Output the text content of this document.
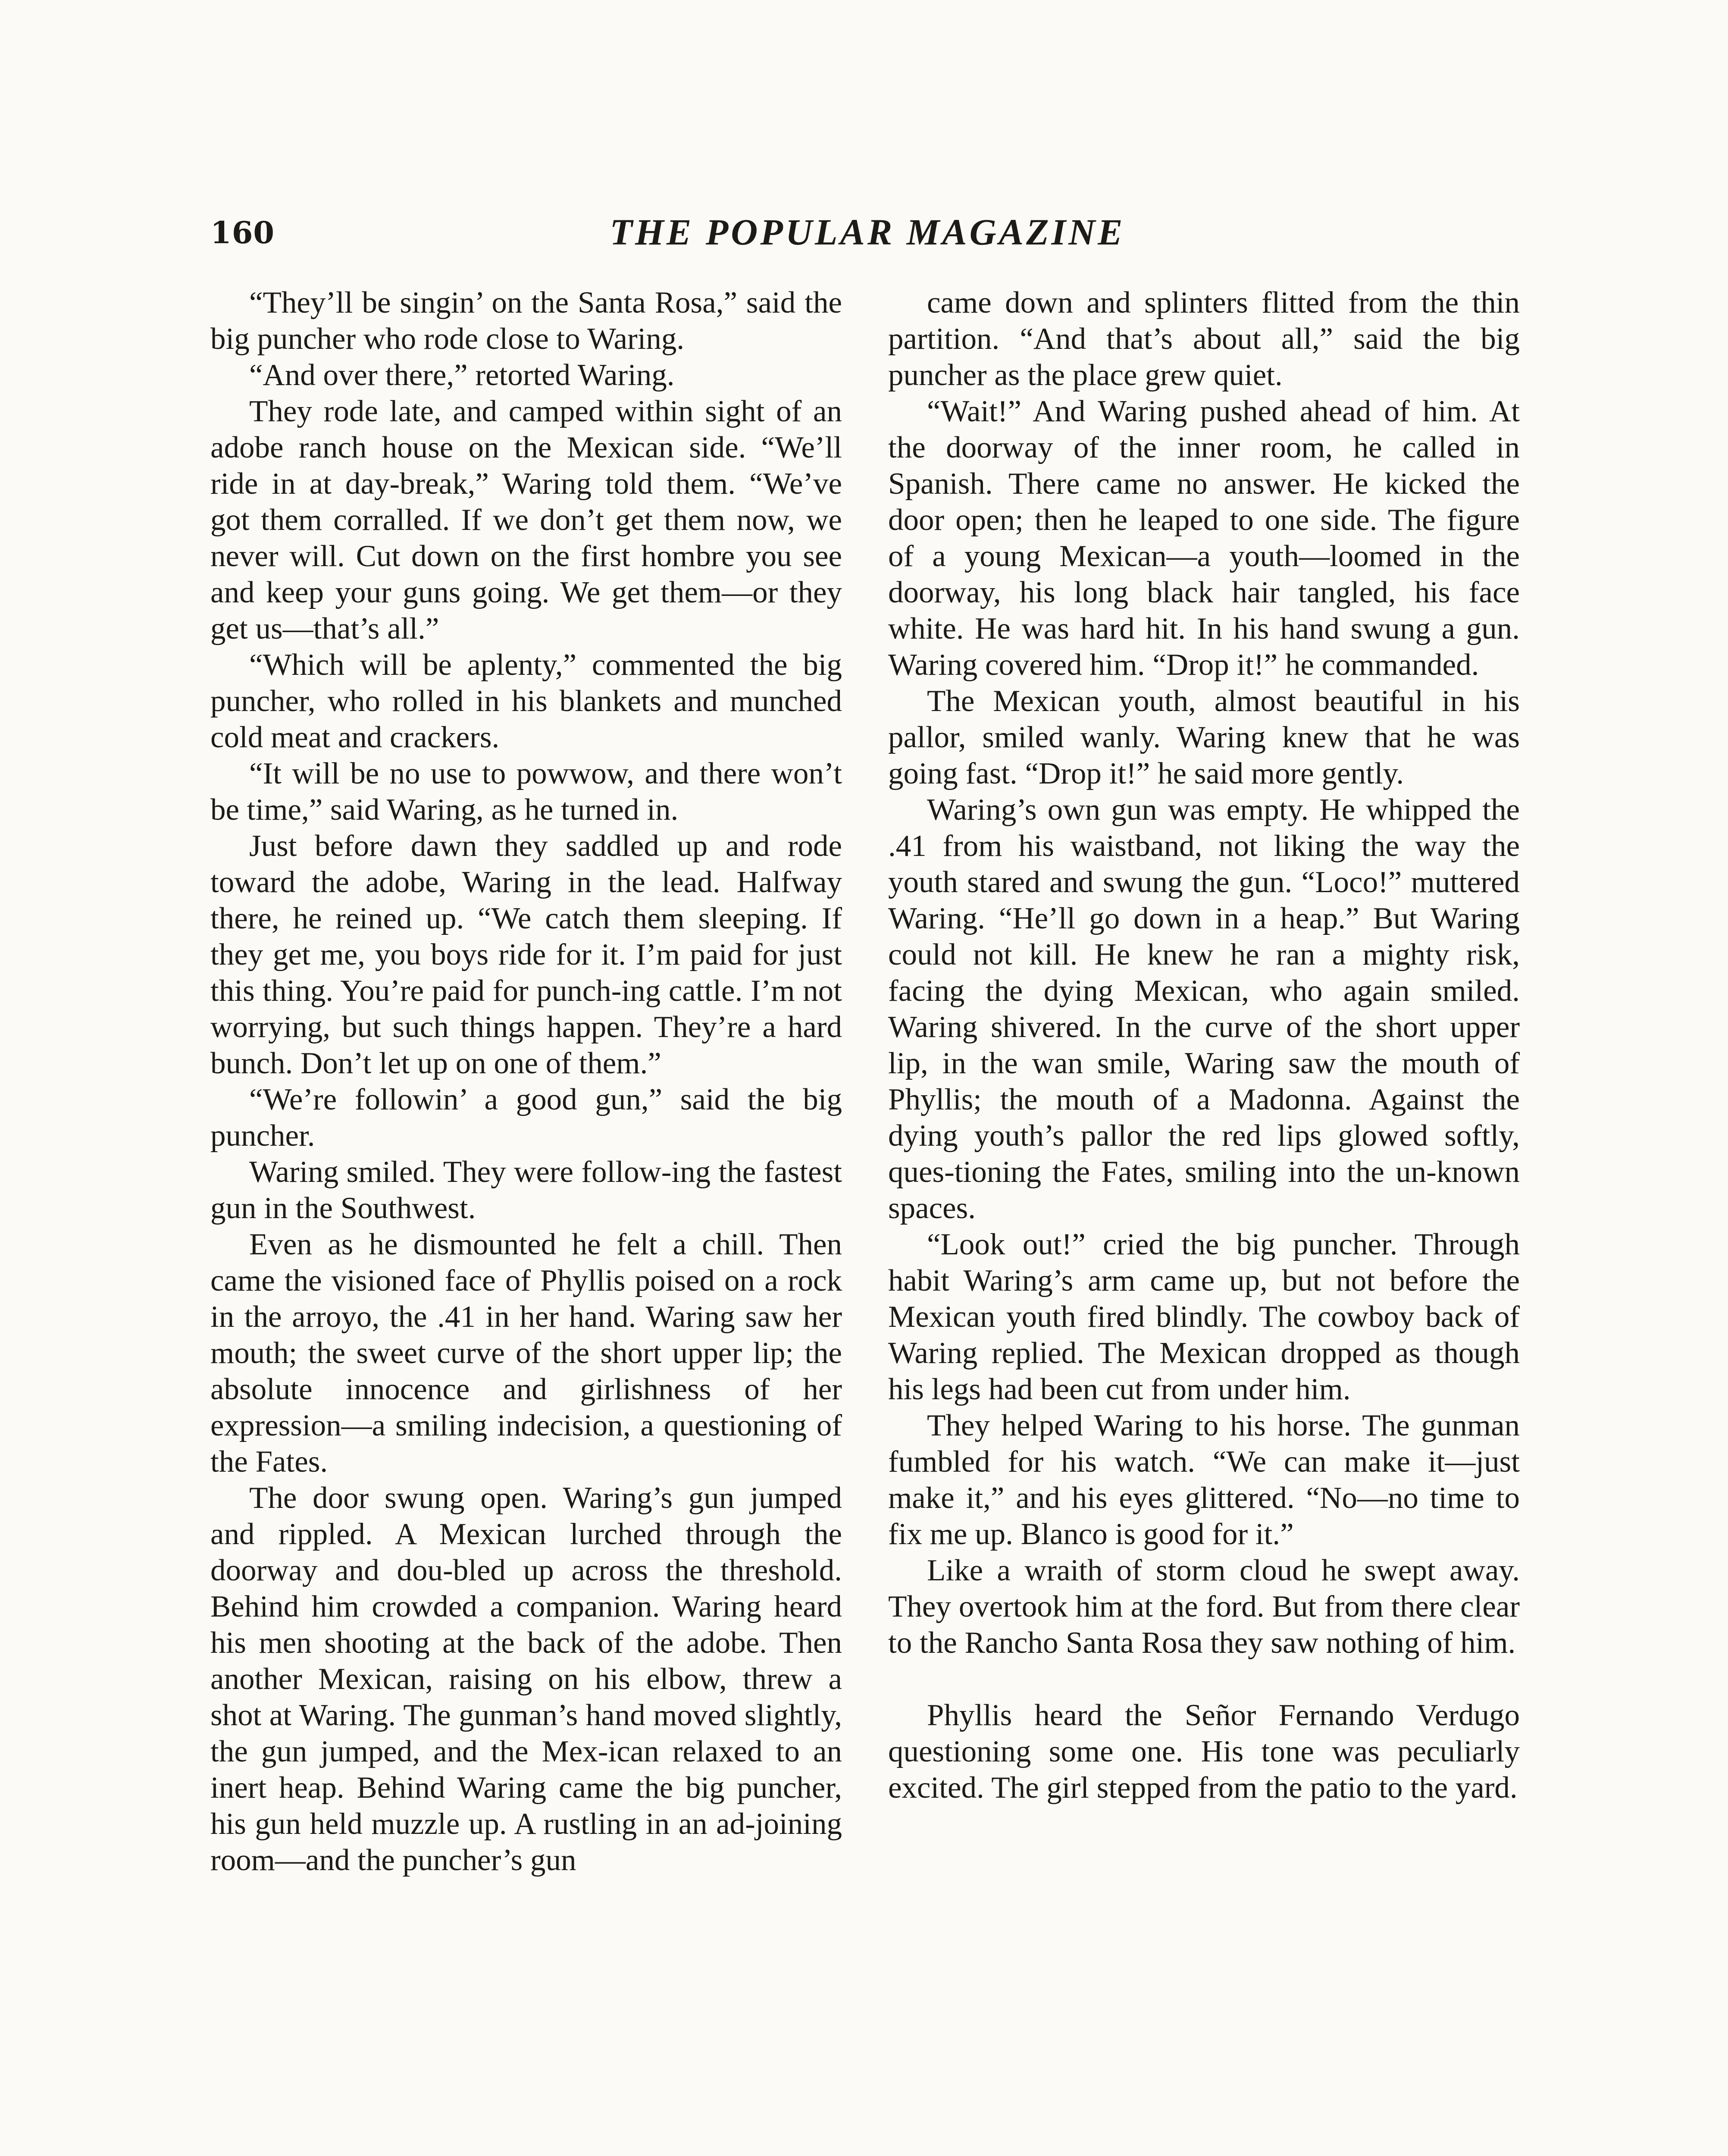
160	THE POPULAR MAGAZINE

“They’ll be singin’ on the Santa Rosa,” said the big puncher who rode close to Waring.

“And over there,” retorted Waring.

They rode late, and camped within sight of an adobe ranch house on the Mexican side. “We’ll ride in at day-break,” Waring told them. “We’ve got them corralled. If we don’t get them now, we never will. Cut down on the first hombre you see and keep your guns going. We get them—or they get us—that’s all.”

“Which will be aplenty,” commented the big puncher, who rolled in his blankets and munched cold meat and crackers.

“It will be no use to powwow, and there won’t be time,” said Waring, as he turned in.

Just before dawn they saddled up and rode toward the adobe, Waring in the lead. Halfway there, he reined up. “We catch them sleeping. If they get me, you boys ride for it. I’m paid for just this thing. You’re paid for punch-ing cattle. I’m not worrying, but such things happen. They’re a hard bunch. Don’t let up on one of them.”

“We’re followin’ a good gun,” said the big puncher.

Waring smiled. They were follow-ing the fastest gun in the Southwest.

Even as he dismounted he felt a chill. Then came the visioned face of Phyllis poised on a rock in the arroyo, the .41 in her hand. Waring saw her mouth; the sweet curve of the short upper lip; the absolute innocence and girlishness of her expression—a smiling indecision, a questioning of the Fates.

The door swung open. Waring’s gun jumped and rippled. A Mexican lurched through the doorway and dou-bled up across the threshold. Behind him crowded a companion. Waring heard his men shooting at the back of the adobe. Then another Mexican, raising on his elbow, threw a shot at Waring. The gunman’s hand moved slightly, the gun jumped, and the Mex-ican relaxed to an inert heap. Behind Waring came the big puncher, his gun held muzzle up. A rustling in an ad-joining room—and the puncher’s gun

came down and splinters flitted from the thin partition. “And that’s about all,” said the big puncher as the place grew quiet.

“Wait!” And Waring pushed ahead of him. At the doorway of the inner room, he called in Spanish. There came no answer. He kicked the door open; then he leaped to one side. The figure of a young Mexican—a youth—loomed in the doorway, his long black hair tangled, his face white. He was hard hit. In his hand swung a gun. Waring covered him. “Drop it!” he commanded.

The Mexican youth, almost beautiful in his pallor, smiled wanly. Waring knew that he was going fast. “Drop it!” he said more gently.

Waring’s own gun was empty. He whipped the .41 from his waistband, not liking the way the youth stared and swung the gun. “Loco!” muttered Waring. “He’ll go down in a heap.” But Waring could not kill. He knew he ran a mighty risk, facing the dying Mexican, who again smiled. Waring shivered. In the curve of the short upper lip, in the wan smile, Waring saw the mouth of Phyllis; the mouth of a Madonna. Against the dying youth’s pallor the red lips glowed softly, ques-tioning the Fates, smiling into the un-known spaces.

“Look out!” cried the big puncher. Through habit Waring’s arm came up, but not before the Mexican youth fired blindly. The cowboy back of Waring replied. The Mexican dropped as though his legs had been cut from under him.

They helped Waring to his horse. The gunman fumbled for his watch. “We can make it—just make it,” and his eyes glittered. “No—no time to fix me up. Blanco is good for it.”

Like a wraith of storm cloud he swept away. They overtook him at the ford. But from there clear to the Rancho Santa Rosa they saw nothing of him.

Phyllis heard the Señor Fernando Verdugo questioning some one. His tone was peculiarly excited. The girl stepped from the patio to the yard.
